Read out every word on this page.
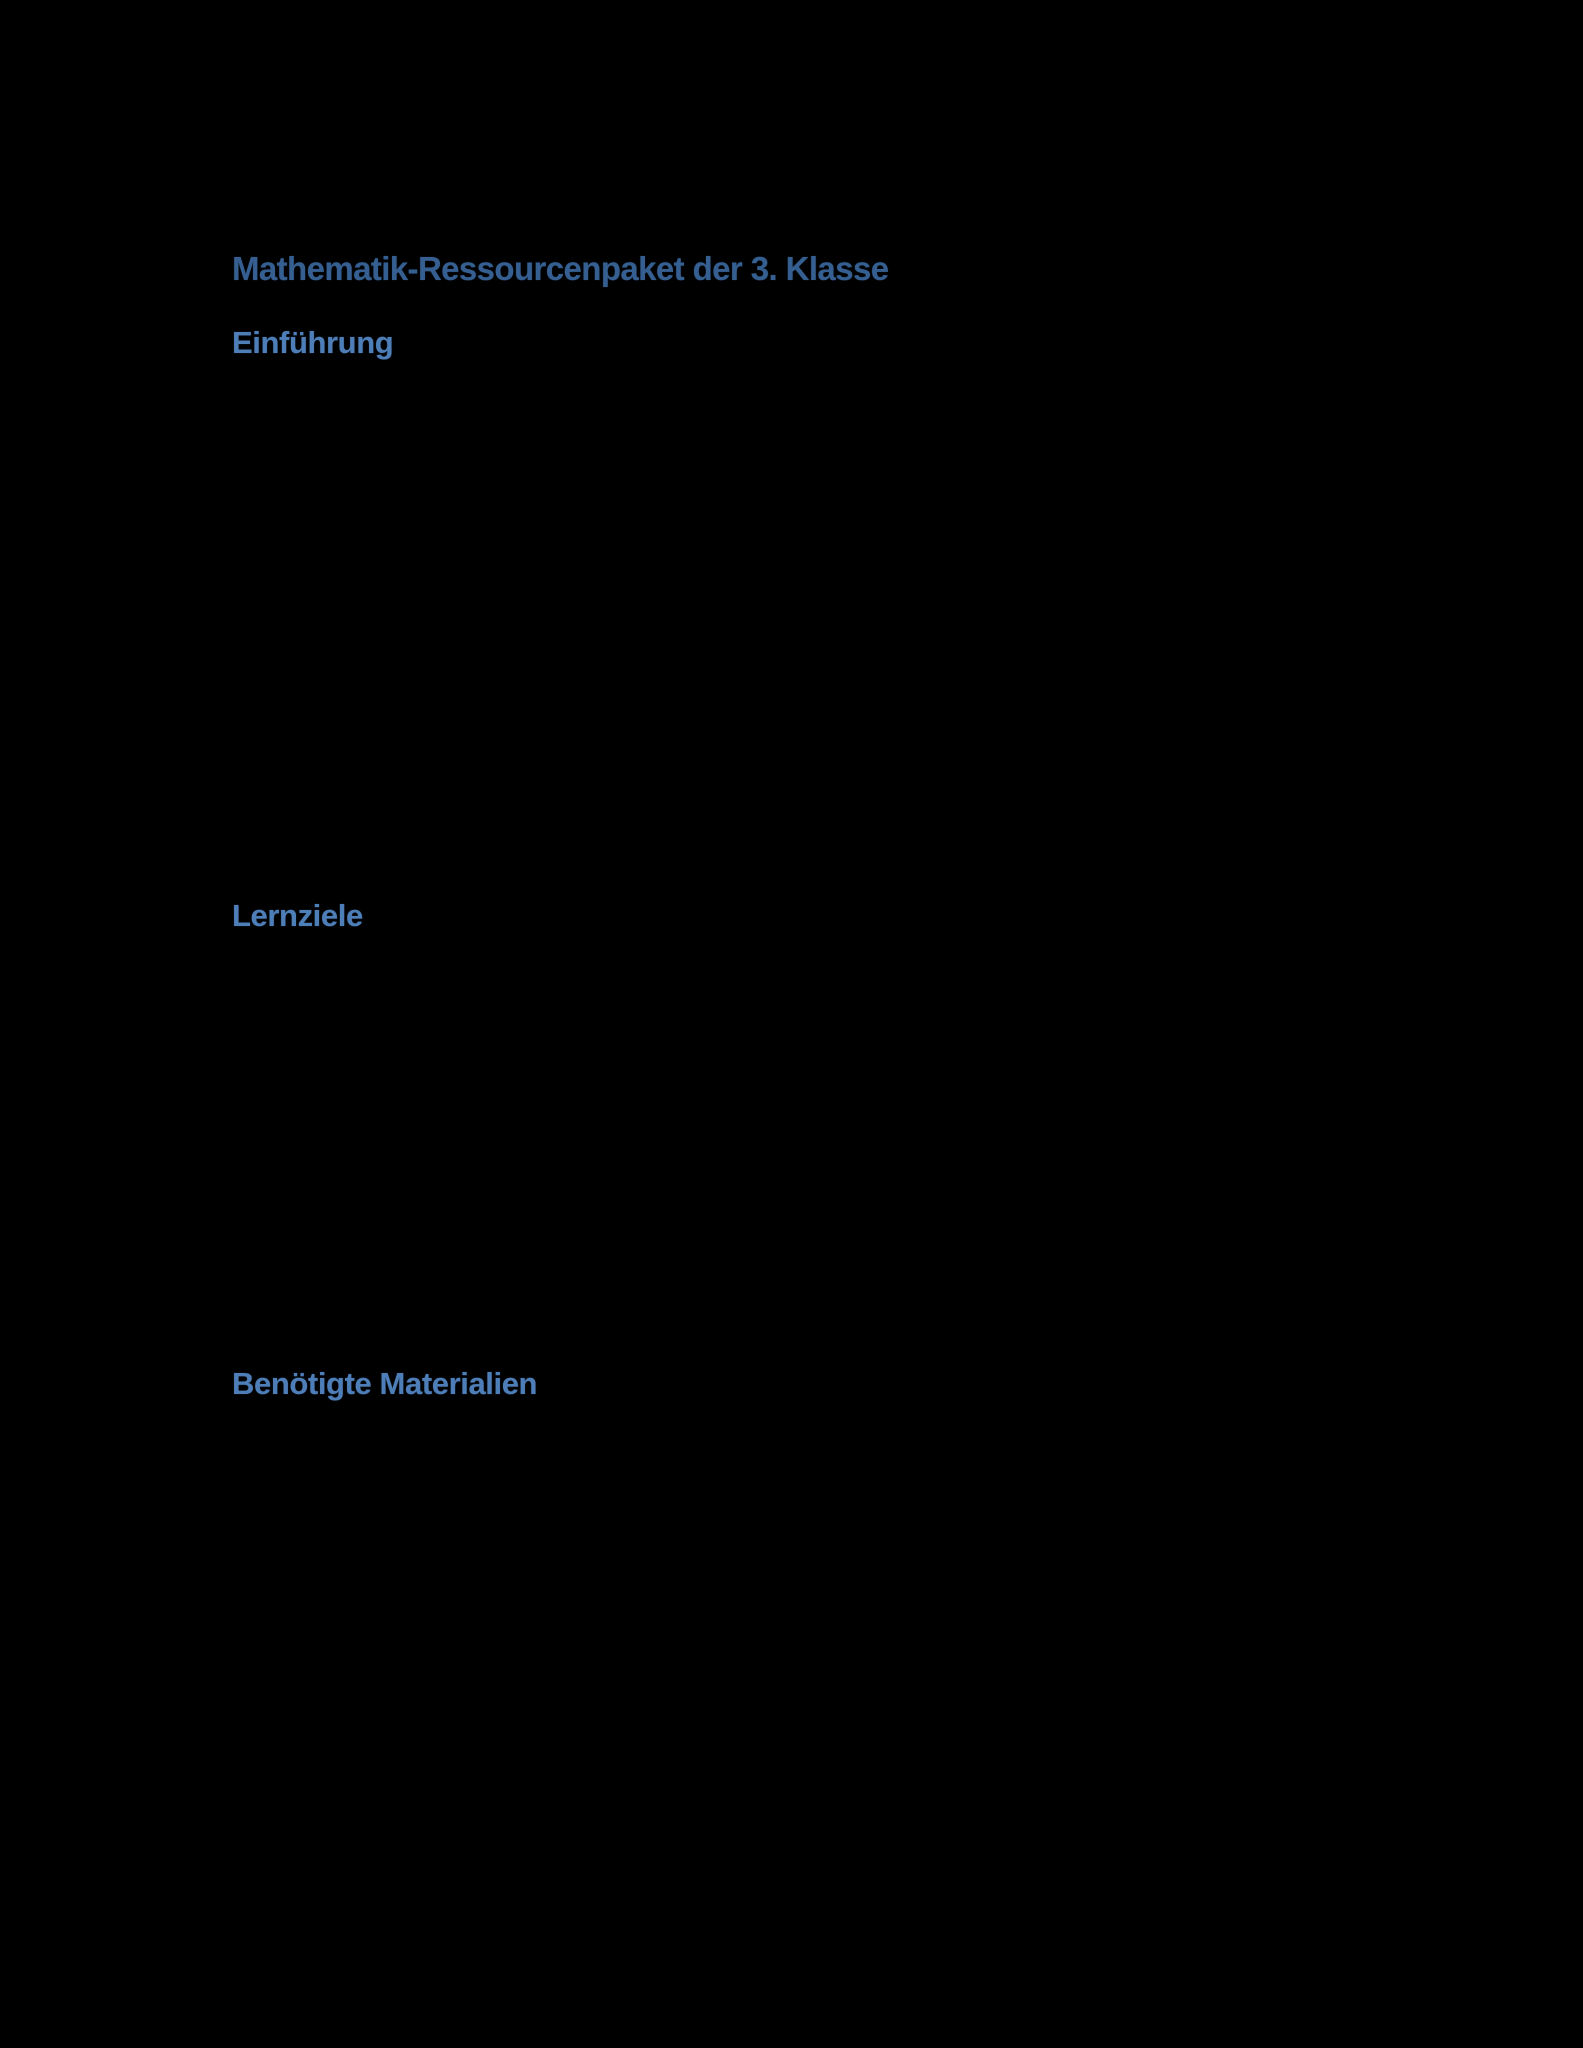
Mathematik-Ressourcenpaket der 3. Klasse
Einführung
Lernziele
Benötigte Materialien
